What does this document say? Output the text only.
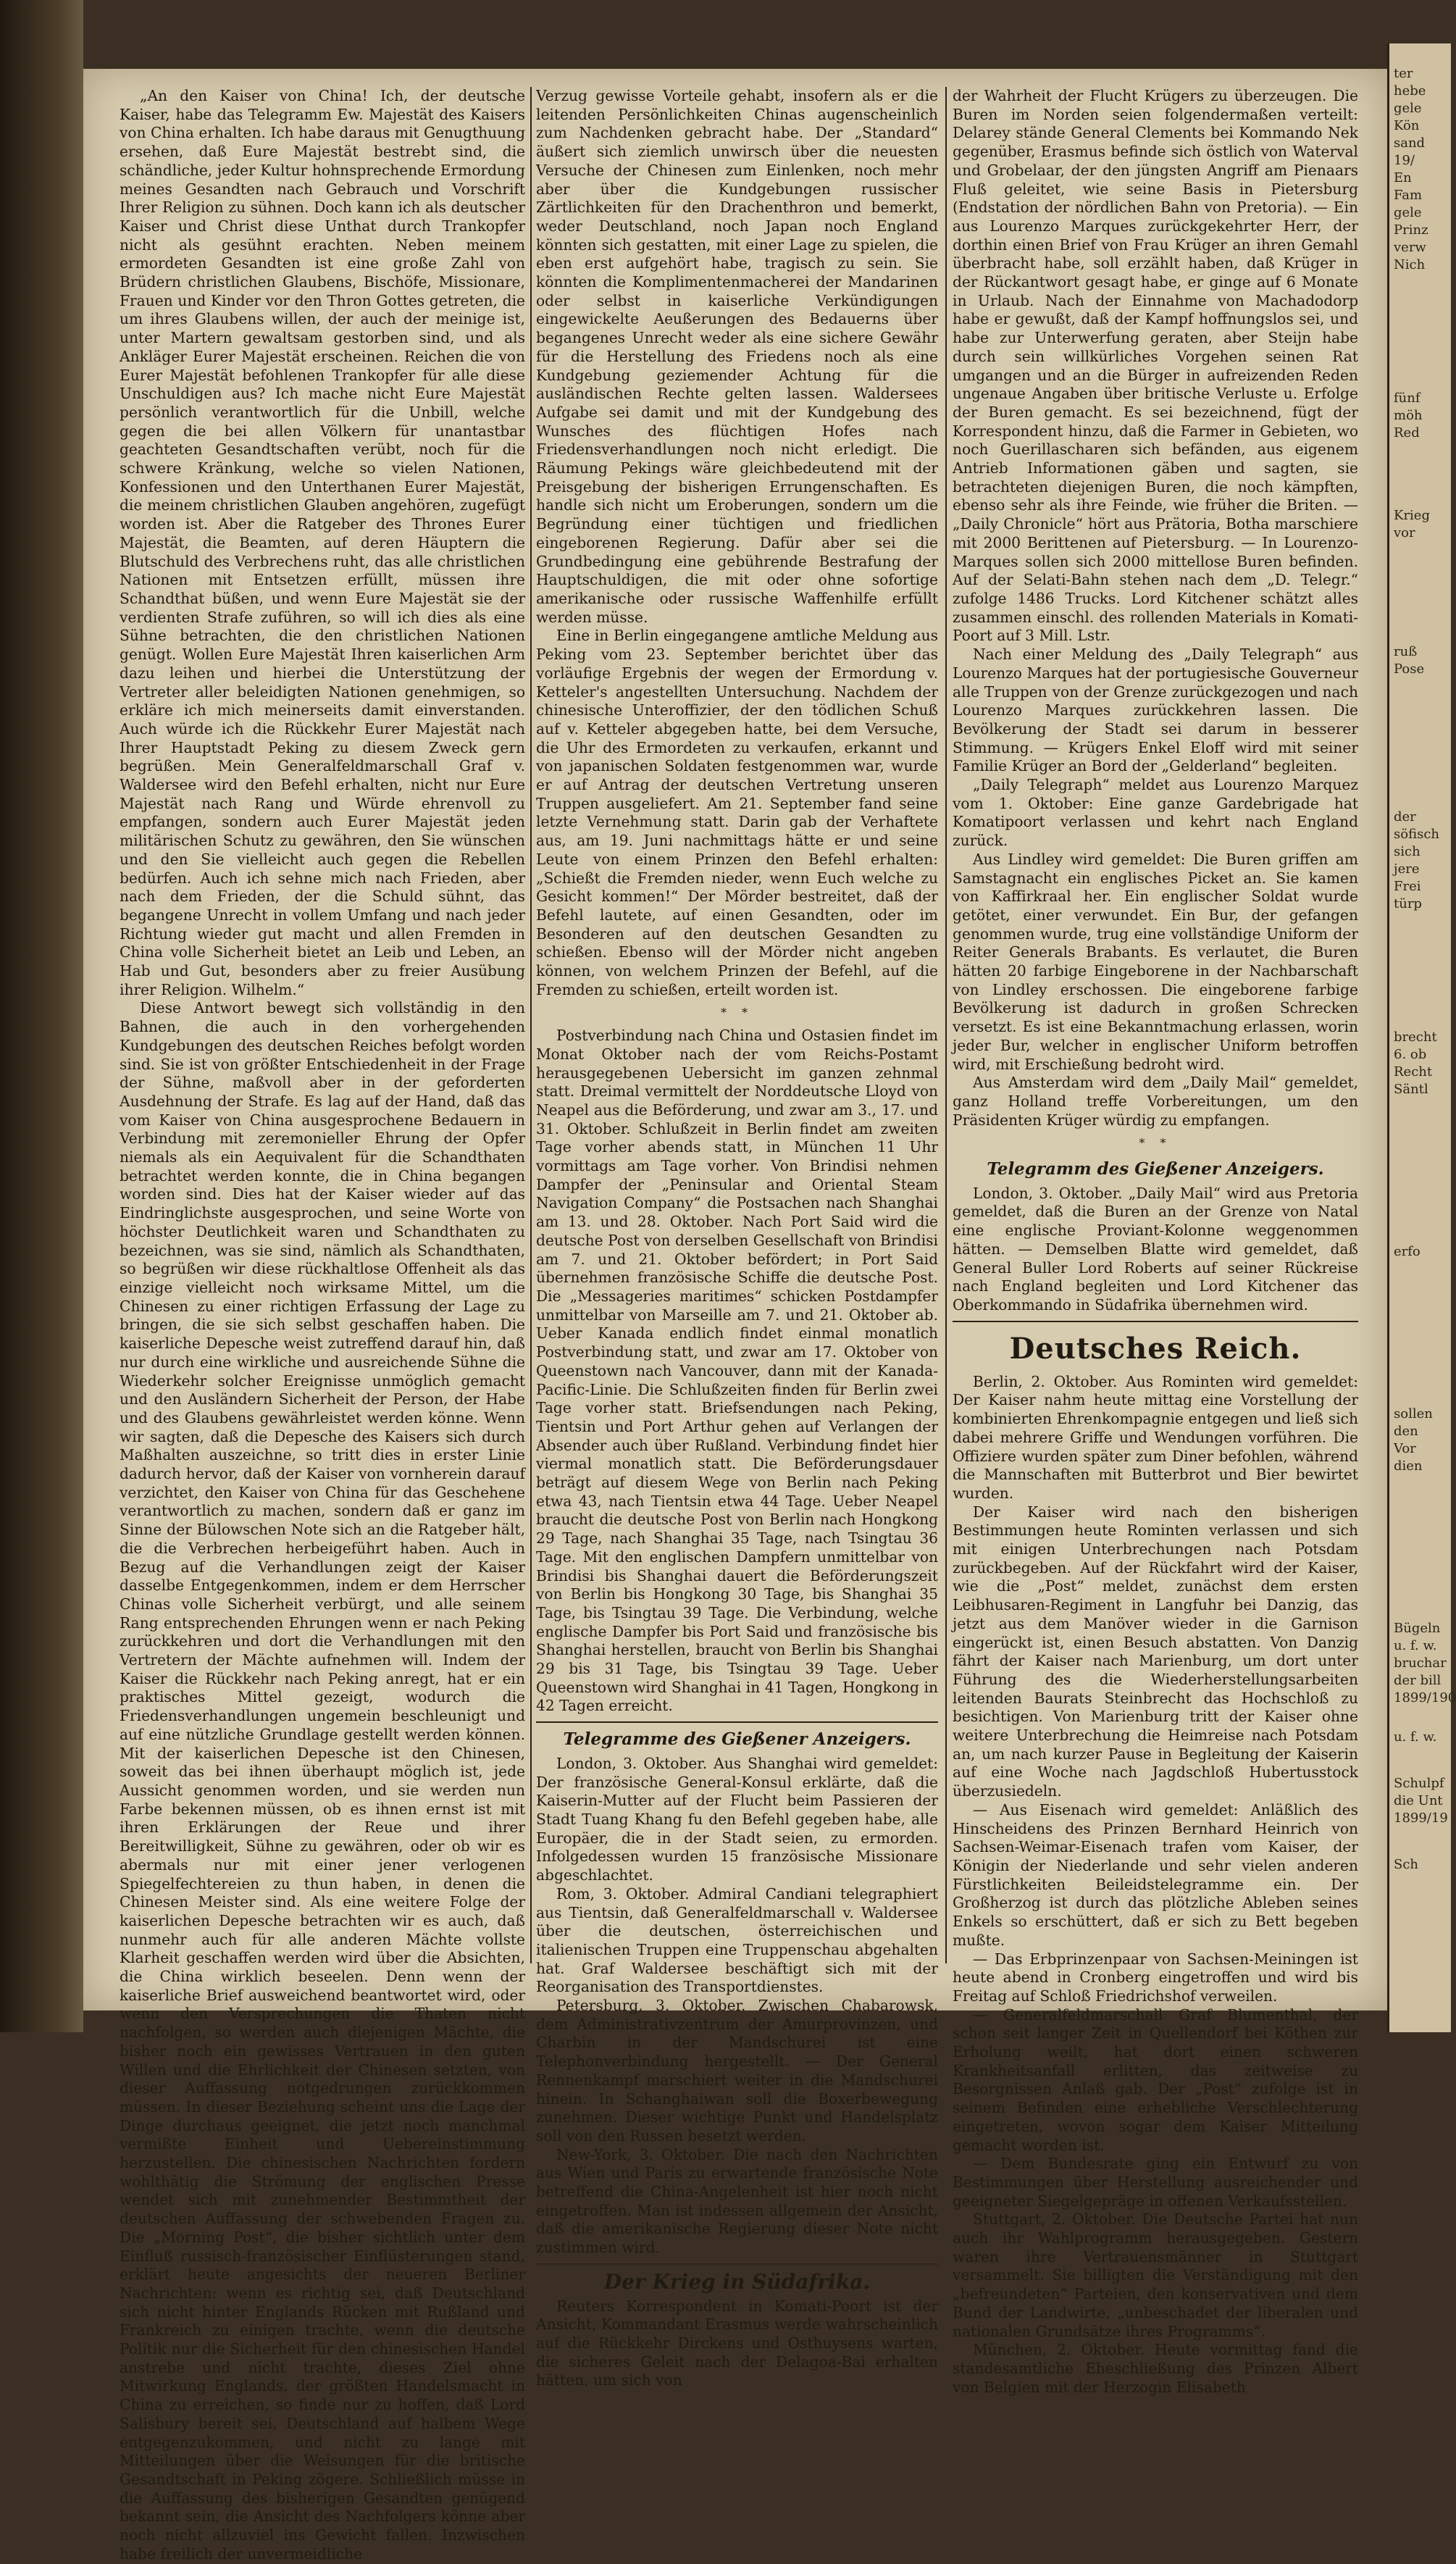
„An den Kaiser von China! Ich, der deutsche Kaiser, habe das Telegramm Ew. Majestät des Kaisers von China erhalten. Ich habe daraus mit Genugthuung ersehen, daß Eure Majestät bestrebt sind, die schändliche, jeder Kultur hohnsprechende Ermordung meines Gesandten nach Gebrauch und Vorschrift Ihrer Religion zu sühnen. Doch kann ich als deutscher Kaiser und Christ diese Unthat durch Trankopfer nicht als gesühnt erachten. Neben meinem ermordeten Gesandten ist eine große Zahl von Brüdern christlichen Glaubens, Bischöfe, Missionare, Frauen und Kinder vor den Thron Gottes getreten, die um ihres Glaubens willen, der auch der meinige ist, unter Martern gewaltsam gestorben sind, und als Ankläger Eurer Majestät erscheinen. Reichen die von Eurer Majestät befohlenen Trankopfer für alle diese Unschuldigen aus? Ich mache nicht Eure Majestät persönlich verantwortlich für die Unbill, welche gegen die bei allen Völkern für unantastbar geachteten Gesandtschaften verübt, noch für die schwere Kränkung, welche so vielen Nationen, Konfessionen und den Unterthanen Eurer Majestät, die meinem christlichen Glauben angehören, zugefügt worden ist. Aber die Ratgeber des Thrones Eurer Majestät, die Beamten, auf deren Häuptern die Blutschuld des Verbrechens ruht, das alle christlichen Nationen mit Entsetzen erfüllt, müssen ihre Schandthat büßen, und wenn Eure Majestät sie der verdienten Strafe zuführen, so will ich dies als eine Sühne betrachten, die den christlichen Nationen genügt. Wollen Eure Majestät Ihren kaiserlichen Arm dazu leihen und hierbei die Unterstützung der Vertreter aller beleidigten Nationen genehmigen, so erkläre ich mich meinerseits damit einverstanden. Auch würde ich die Rückkehr Eurer Majestät nach Ihrer Hauptstadt Peking zu diesem Zweck gern begrüßen. Mein Generalfeldmarschall Graf v. Waldersee wird den Befehl erhalten, nicht nur Eure Majestät nach Rang und Würde ehrenvoll zu empfangen, sondern auch Eurer Majestät jeden militärischen Schutz zu gewähren, den Sie wünschen und den Sie vielleicht auch gegen die Rebellen bedürfen. Auch ich sehne mich nach Frieden, aber nach dem Frieden, der die Schuld sühnt, das begangene Unrecht in vollem Umfang und nach jeder Richtung wieder gut macht und allen Fremden in China volle Sicherheit bietet an Leib und Leben, an Hab und Gut, besonders aber zu freier Ausübung ihrer Religion. Wilhelm.“

Diese Antwort bewegt sich vollständig in den Bahnen, die auch in den vorhergehenden Kundgebungen des deutschen Reiches befolgt worden sind. Sie ist von größter Entschiedenheit in der Frage der Sühne, maßvoll aber in der geforderten Ausdehnung der Strafe. Es lag auf der Hand, daß das vom Kaiser von China ausgesprochene Bedauern in Verbindung mit zeremonieller Ehrung der Opfer niemals als ein Aequivalent für die Schandthaten betrachtet werden konnte, die in China begangen worden sind. Dies hat der Kaiser wieder auf das Eindringlichste ausgesprochen, und seine Worte von höchster Deutlichkeit waren und Schandthaten zu bezeichnen, was sie sind, nämlich als Schandthaten, so begrüßen wir diese rückhaltlose Offenheit als das einzige vielleicht noch wirksame Mittel, um die Chinesen zu einer richtigen Erfassung der Lage zu bringen, die sie sich selbst geschaffen haben. Die kaiserliche Depesche weist zutreffend darauf hin, daß nur durch eine wirkliche und ausreichende Sühne die Wiederkehr solcher Ereignisse unmöglich gemacht und den Ausländern Sicherheit der Person, der Habe und des Glaubens gewährleistet werden könne. Wenn wir sagten, daß die Depesche des Kaisers sich durch Maßhalten auszeichne, so tritt dies in erster Linie dadurch hervor, daß der Kaiser von vornherein darauf verzichtet, den Kaiser von China für das Geschehene verantwortlich zu machen, sondern daß er ganz im Sinne der Bülowschen Note sich an die Ratgeber hält, die die Verbrechen herbeigeführt haben. Auch in Bezug auf die Verhandlungen zeigt der Kaiser dasselbe Entgegenkommen, indem er dem Herrscher Chinas volle Sicherheit verbürgt, und alle seinem Rang entsprechenden Ehrungen wenn er nach Peking zurückkehren und dort die Verhandlungen mit den Vertretern der Mächte aufnehmen will. Indem der Kaiser die Rückkehr nach Peking anregt, hat er ein praktisches Mittel gezeigt, wodurch die Friedensverhandlungen ungemein beschleunigt und auf eine nützliche Grundlage gestellt werden können. Mit der kaiserlichen Depesche ist den Chinesen, soweit das bei ihnen überhaupt möglich ist, jede Aussicht genommen worden, und sie werden nun Farbe bekennen müssen, ob es ihnen ernst ist mit ihren Erklärungen der Reue und ihrer Bereitwilligkeit, Sühne zu gewähren, oder ob wir es abermals nur mit einer jener verlogenen Spiegelfechtereien zu thun haben, in denen die Chinesen Meister sind. Als eine weitere Folge der kaiserlichen Depesche betrachten wir es auch, daß nunmehr auch für alle anderen Mächte vollste Klarheit geschaffen werden wird über die Absichten, die China wirklich beseelen. Denn wenn der kaiserliche Brief ausweichend beantwortet wird, oder wenn den Versprechungen die Thaten nicht nachfolgen, so werden auch diejenigen Mächte, die bisher noch ein gewisses Vertrauen in den guten Willen und die Ehrlichkeit der Chinesen setzten, von dieser Auffassung notgedrungen zurückkommen müssen. In dieser Beziehung scheint uns die Lage der Dinge durchaus geeignet, die jetzt noch manchmal vermißte Einheit und Uebereinstimmung herzustellen. Die chinesischen Nachrichten fordern wohlthätig die Strömung der englischen Presse wendet sich mit zunehmender Bestimmtheit der deutschen Auffassung der schwebenden Fragen zu. Die „Morning Post“, die bisher sichtlich unter dem Einfluß russisch-französischer Einflüsterungen stand, erklärt heute angesichts der neueren Berliner Nachrichten: wenn es richtig sei, daß Deutschland sich nicht hinter Englands Rücken mit Rußland und Frankreich zu einigen trachte, wenn die deutsche Politik nur die Sicherheit für den chinesischen Handel anstrebe und nicht trachte, dieses Ziel ohne Mitwirkung Englands, der größten Handelsmacht in China zu erreichen, so finde nur zu hoffen, daß Lord Salisbury bereit sei, Deutschland auf halbem Wege entgegenzukommen, und nicht zu lange mit Mitteilungen über die Weisungen für die britische Gesandtschaft in Peking zögere. Schließlich müsse in die Auffassung des bisherigen Gesandten genügend bekannt sein, die Ansicht des Nachfolgers könne aber noch nicht allzuviel ins Gewicht fallen. Inzwischen habe freilich der unvermeidliche

Verzug gewisse Vorteile gehabt, insofern als er die leitenden Persönlichkeiten Chinas augenscheinlich zum Nachdenken gebracht habe. Der „Standard“ äußert sich ziemlich unwirsch über die neuesten Versuche der Chinesen zum Einlenken, noch mehr aber über die Kundgebungen russischer Zärtlichkeiten für den Drachenthron und bemerkt, weder Deutschland, noch Japan noch England könnten sich gestatten, mit einer Lage zu spielen, die eben erst aufgehört habe, tragisch zu sein. Sie könnten die Komplimentenmacherei der Mandarinen oder selbst in kaiserliche Verkündigungen eingewickelte Aeußerungen des Bedauerns über begangenes Unrecht weder als eine sichere Gewähr für die Herstellung des Friedens noch als eine Kundgebung geziemender Achtung für die ausländischen Rechte gelten lassen. Waldersees Aufgabe sei damit und mit der Kundgebung des Wunsches des flüchtigen Hofes nach Friedensverhandlungen noch nicht erledigt. Die Räumung Pekings wäre gleichbedeutend mit der Preisgebung der bisherigen Errungenschaften. Es handle sich nicht um Eroberungen, sondern um die Begründung einer tüchtigen und friedlichen eingeborenen Regierung. Dafür aber sei die Grundbedingung eine gebührende Bestrafung der Hauptschuldigen, die mit oder ohne sofortige amerikanische oder russische Waffenhilfe erfüllt werden müsse.

Eine in Berlin eingegangene amtliche Meldung aus Peking vom 23. September berichtet über das vorläufige Ergebnis der wegen der Ermordung v. Ketteler's angestellten Untersuchung. Nachdem der chinesische Unteroffizier, der den tödlichen Schuß auf v. Ketteler abgegeben hatte, bei dem Versuche, die Uhr des Ermordeten zu verkaufen, erkannt und von japanischen Soldaten festgenommen war, wurde er auf Antrag der deutschen Vertretung unseren Truppen ausgeliefert. Am 21. September fand seine letzte Vernehmung statt. Darin gab der Verhaftete aus, am 19. Juni nachmittags hätte er und seine Leute von einem Prinzen den Befehl erhalten: „Schießt die Fremden nieder, wenn Euch welche zu Gesicht kommen!“ Der Mörder bestreitet, daß der Befehl lautete, auf einen Gesandten, oder im Besonderen auf den deutschen Gesandten zu schießen. Ebenso will der Mörder nicht angeben können, von welchem Prinzen der Befehl, auf die Fremden zu schießen, erteilt worden ist.

* *

Postverbindung nach China und Ostasien findet im Monat Oktober nach der vom Reichs-Postamt herausgegebenen Uebersicht im ganzen zehnmal statt. Dreimal vermittelt der Norddeutsche Lloyd von Neapel aus die Beförderung, und zwar am 3., 17. und 31. Oktober. Schlußzeit in Berlin findet am zweiten Tage vorher abends statt, in München 11 Uhr vormittags am Tage vorher. Von Brindisi nehmen Dampfer der „Peninsular and Oriental Steam Navigation Company“ die Postsachen nach Shanghai am 13. und 28. Oktober. Nach Port Said wird die deutsche Post von derselben Gesellschaft von Brindisi am 7. und 21. Oktober befördert; in Port Said übernehmen französische Schiffe die deutsche Post. Die „Messageries maritimes“ schicken Postdampfer unmittelbar von Marseille am 7. und 21. Oktober ab. Ueber Kanada endlich findet einmal monatlich Postverbindung statt, und zwar am 17. Oktober von Queenstown nach Vancouver, dann mit der Kanada-Pacific-Linie. Die Schlußzeiten finden für Berlin zwei Tage vorher statt. Briefsendungen nach Peking, Tientsin und Port Arthur gehen auf Verlangen der Absender auch über Rußland. Verbindung findet hier viermal monatlich statt. Die Beförderungsdauer beträgt auf diesem Wege von Berlin nach Peking etwa 43, nach Tientsin etwa 44 Tage. Ueber Neapel braucht die deutsche Post von Berlin nach Hongkong 29 Tage, nach Shanghai 35 Tage, nach Tsingtau 36 Tage. Mit den englischen Dampfern unmittelbar von Brindisi bis Shanghai dauert die Beförderungszeit von Berlin bis Hongkong 30 Tage, bis Shanghai 35 Tage, bis Tsingtau 39 Tage. Die Verbindung, welche englische Dampfer bis Port Said und französische bis Shanghai herstellen, braucht von Berlin bis Shanghai 29 bis 31 Tage, bis Tsingtau 39 Tage. Ueber Queenstown wird Shanghai in 41 Tagen, Hongkong in 42 Tagen erreicht.

Telegramme des Gießener Anzeigers.

London, 3. Oktober. Aus Shanghai wird gemeldet: Der französische General-Konsul erklärte, daß die Kaiserin-Mutter auf der Flucht beim Passieren der Stadt Tuang Khang fu den Befehl gegeben habe, alle Europäer, die in der Stadt seien, zu ermorden. Infolgedessen wurden 15 französische Missionare abgeschlachtet.

Rom, 3. Oktober. Admiral Candiani telegraphiert aus Tientsin, daß Generalfeldmarschall v. Waldersee über die deutschen, österreichischen und italienischen Truppen eine Truppenschau abgehalten hat. Graf Waldersee beschäftigt sich mit der Reorganisation des Transportdienstes.

Petersburg, 3. Oktober. Zwischen Chabarowsk, dem Administrativzentrum der Amurprovinzen, und Charbin in der Mandschurei ist eine Telephonverbindung hergestellt. — Der General Rennenkampf marschiert weiter in die Mandschurei hinein. In Schanghaiwan soll die Boxerbewegung zunehmen. Dieser wichtige Punkt und Handelsplatz soll von den Russen besetzt werden.

New-York, 3. Oktober. Die nach den Nachrichten aus Wien und Paris zu erwartende französische Note betreffend die China-Angelenheit ist hier noch nicht eingetroffen. Man ist indessen allgemein der Ansicht, daß die amerikanische Regierung dieser Note nicht zustimmen wird.

Der Krieg in Südafrika.

Reuters Korrespondent in Komati-Poort ist der Ansicht, Kommandant Erasmus werde wahrscheinlich auf die Rückkehr Dirckens und Osthuysens warten, die sicheres Geleit nach der Delagoa-Bai erhalten hätten, um sich von

der Wahrheit der Flucht Krügers zu überzeugen. Die Buren im Norden seien folgendermaßen verteilt: Delarey stände General Clements bei Kommando Nek gegenüber, Erasmus befinde sich östlich von Waterval und Grobelaar, der den jüngsten Angriff am Pienaars Fluß geleitet, wie seine Basis in Pietersburg (Endstation der nördlichen Bahn von Pretoria). — Ein aus Lourenzo Marques zurückgekehrter Herr, der dorthin einen Brief von Frau Krüger an ihren Gemahl überbracht habe, soll erzählt haben, daß Krüger in der Rückantwort gesagt habe, er ginge auf 6 Monate in Urlaub. Nach der Einnahme von Machadodorp habe er gewußt, daß der Kampf hoffnungslos sei, und habe zur Unterwerfung geraten, aber Steijn habe durch sein willkürliches Vorgehen seinen Rat umgangen und an die Bürger in aufreizenden Reden ungenaue Angaben über britische Verluste u. Erfolge der Buren gemacht. Es sei bezeichnend, fügt der Korrespondent hinzu, daß die Farmer in Gebieten, wo noch Guerillascharen sich befänden, aus eigenem Antrieb Informationen gäben und sagten, sie betrachteten diejenigen Buren, die noch kämpften, ebenso sehr als ihre Feinde, wie früher die Briten. — „Daily Chronicle“ hört aus Prätoria, Botha marschiere mit 2000 Berittenen auf Pietersburg. — In Lourenzo-Marques sollen sich 2000 mittellose Buren befinden. Auf der Selati-Bahn stehen nach dem „D. Telegr.“ zufolge 1486 Trucks. Lord Kitchener schätzt alles zusammen einschl. des rollenden Materials in Komati-Poort auf 3 Mill. Lstr.

Nach einer Meldung des „Daily Telegraph“ aus Lourenzo Marques hat der portugiesische Gouverneur alle Truppen von der Grenze zurückgezogen und nach Lourenzo Marques zurückkehren lassen. Die Bevölkerung der Stadt sei darum in besserer Stimmung. — Krügers Enkel Eloff wird mit seiner Familie Krüger an Bord der „Gelderland“ begleiten.

„Daily Telegraph“ meldet aus Lourenzo Marquez vom 1. Oktober: Eine ganze Gardebrigade hat Komatipoort verlassen und kehrt nach England zurück.

Aus Lindley wird gemeldet: Die Buren griffen am Samstagnacht ein englisches Picket an. Sie kamen von Kaffirkraal her. Ein englischer Soldat wurde getötet, einer verwundet. Ein Bur, der gefangen genommen wurde, trug eine vollständige Uniform der Reiter Generals Brabants. Es verlautet, die Buren hätten 20 farbige Eingeborene in der Nachbarschaft von Lindley erschossen. Die eingeborene farbige Bevölkerung ist dadurch in großen Schrecken versetzt. Es ist eine Bekanntmachung erlassen, worin jeder Bur, welcher in englischer Uniform betroffen wird, mit Erschießung bedroht wird.

Aus Amsterdam wird dem „Daily Mail“ gemeldet, ganz Holland treffe Vorbereitungen, um den Präsidenten Krüger würdig zu empfangen.

* *
Telegramm des Gießener Anzeigers.

London, 3. Oktober. „Daily Mail“ wird aus Pretoria gemeldet, daß die Buren an der Grenze von Natal eine englische Proviant-Kolonne weggenommen hätten. — Demselben Blatte wird gemeldet, daß General Buller Lord Roberts auf seiner Rückreise nach England begleiten und Lord Kitchener das Oberkommando in Südafrika übernehmen wird.

Deutsches Reich.

Berlin, 2. Oktober. Aus Rominten wird gemeldet: Der Kaiser nahm heute mittag eine Vorstellung der kombinierten Ehrenkompagnie entgegen und ließ sich dabei mehrere Griffe und Wendungen vorführen. Die Offiziere wurden später zum Diner befohlen, während die Mannschaften mit Butterbrot und Bier bewirtet wurden.

Der Kaiser wird nach den bisherigen Bestimmungen heute Rominten verlassen und sich mit einigen Unterbrechungen nach Potsdam zurückbegeben. Auf der Rückfahrt wird der Kaiser, wie die „Post“ meldet, zunächst dem ersten Leibhusaren-Regiment in Langfuhr bei Danzig, das jetzt aus dem Manöver wieder in die Garnison eingerückt ist, einen Besuch abstatten. Von Danzig fährt der Kaiser nach Marienburg, um dort unter Führung des die Wiederherstellungsarbeiten leitenden Baurats Steinbrecht das Hochschloß zu besichtigen. Von Marienburg tritt der Kaiser ohne weitere Unterbrechung die Heimreise nach Potsdam an, um nach kurzer Pause in Begleitung der Kaiserin auf eine Woche nach Jagdschloß Hubertusstock überzusiedeln.

— Aus Eisenach wird gemeldet: Anläßlich des Hinscheidens des Prinzen Bernhard Heinrich von Sachsen-Weimar-Eisenach trafen vom Kaiser, der Königin der Niederlande und sehr vielen anderen Fürstlichkeiten Beileidstelegramme ein. Der Großherzog ist durch das plötzliche Ableben seines Enkels so erschüttert, daß er sich zu Bett begeben mußte.

— Das Erbprinzenpaar von Sachsen-Meiningen ist heute abend in Cronberg eingetroffen und wird bis Freitag auf Schloß Friedrichshof verweilen.

— Generalfeldmarschall Graf Blumenthal, der schon seit langer Zeit in Quellendorf bei Köthen zur Erholung weilt, hat dort einen schweren Krankheitsanfall erlitten, das zeitweise zu Besorgnissen Anlaß gab. Der „Post“ zufolge ist in seinem Befinden eine erhebliche Verschlechterung eingetreten, wovon sogar dem Kaiser Mitteilung gemacht worden ist.

— Dem Bundesrate ging ein Entwurf zu von Bestimmungen über Herstellung ausreichender und geeigneter Siegelgepräge in offenen Verkaufsstellen.

Stuttgart, 2. Oktober. Die Deutsche Partei hat nun auch ihr Wahlprogramm herausgegeben. Gestern waren ihre Vertrauensmänner in Stuttgart versammelt. Sie billigten die Verständigung mit den „befreundeten“ Parteien, den konservativen und dem Bund der Landwirte, „unbeschadet der liberalen und nationalen Grundsätze ihres Programms“.

München, 2. Oktober. Heute vormittag fand die standesamtliche Eheschließung des Prinzen Albert von Belgien mit der Herzogin Elisabeth

ter
hebe
gele
Kön
sand
19/
En
Fam
gele
Prinz
verw
Nich
fünf
möh
Red
Krieg
vor
ruß
Pose
der
söfisch
sich
jere
Frei
türp
brecht
6. ob
Recht
Säntl
erfo
sollen
den
Vor
dien
Bügeln
u. f. w.
bruchar
der bill
1899/190
u. f. w.
Schulpf
die Unt
1899/19
Sch
